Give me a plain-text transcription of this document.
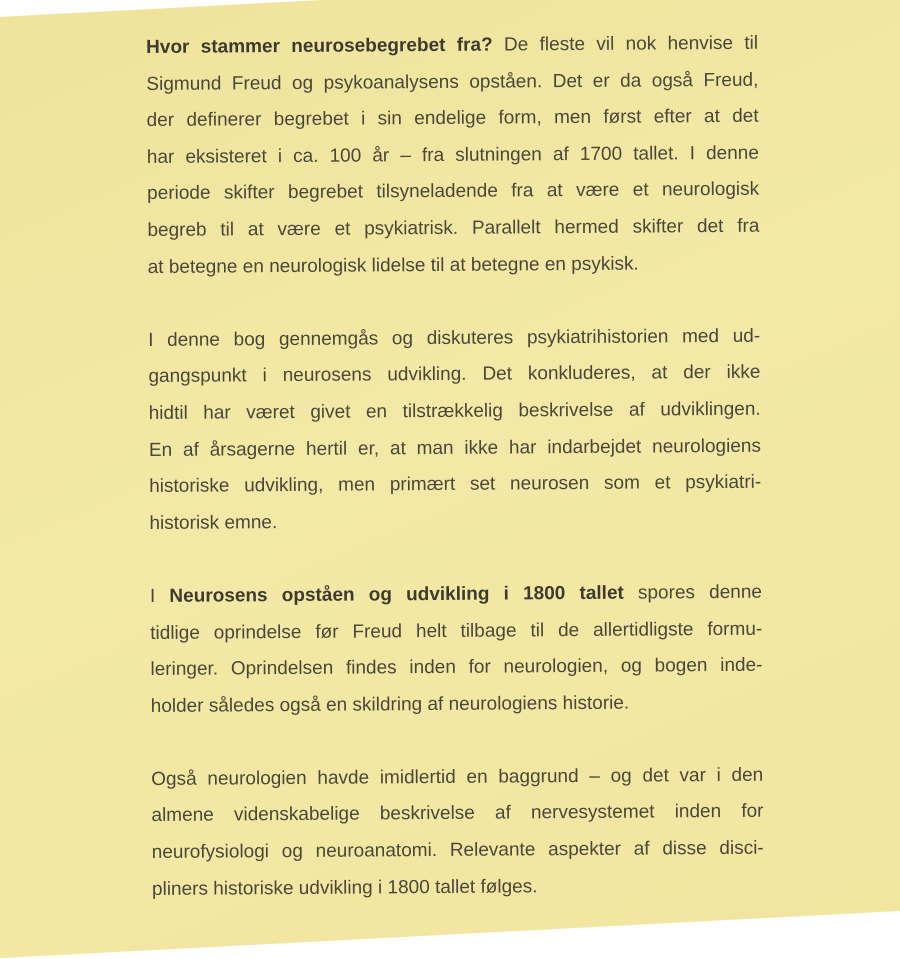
Hvor stammer neurosebegrebet fra? De fleste vil nok henvise til
Sigmund Freud og psykoanalysens opståen. Det er da også Freud,
der definerer begrebet i sin endelige form, men først efter at det
har eksisteret i ca. 100 år – fra slutningen af 1700 tallet. I denne
periode skifter begrebet tilsyneladende fra at være et neurologisk
begreb til at være et psykiatrisk. Parallelt hermed skifter det fra
at betegne en neurologisk lidelse til at betegne en psykisk.
I denne bog gennemgås og diskuteres psykiatrihistorien med ud-
gangspunkt i neurosens udvikling. Det konkluderes, at der ikke
hidtil har været givet en tilstrækkelig beskrivelse af udviklingen.
En af årsagerne hertil er, at man ikke har indarbejdet neurologiens
historiske udvikling, men primært set neurosen som et psykiatri-
historisk emne.
I Neurosens opståen og udvikling i 1800 tallet spores denne
tidlige oprindelse før Freud helt tilbage til de allertidligste formu-
leringer. Oprindelsen findes inden for neurologien, og bogen inde-
holder således også en skildring af neurologiens historie.
Også neurologien havde imidlertid en baggrund – og det var i den
almene videnskabelige beskrivelse af nervesystemet inden for
neurofysiologi og neuroanatomi. Relevante aspekter af disse disci-
pliners historiske udvikling i 1800 tallet følges.
